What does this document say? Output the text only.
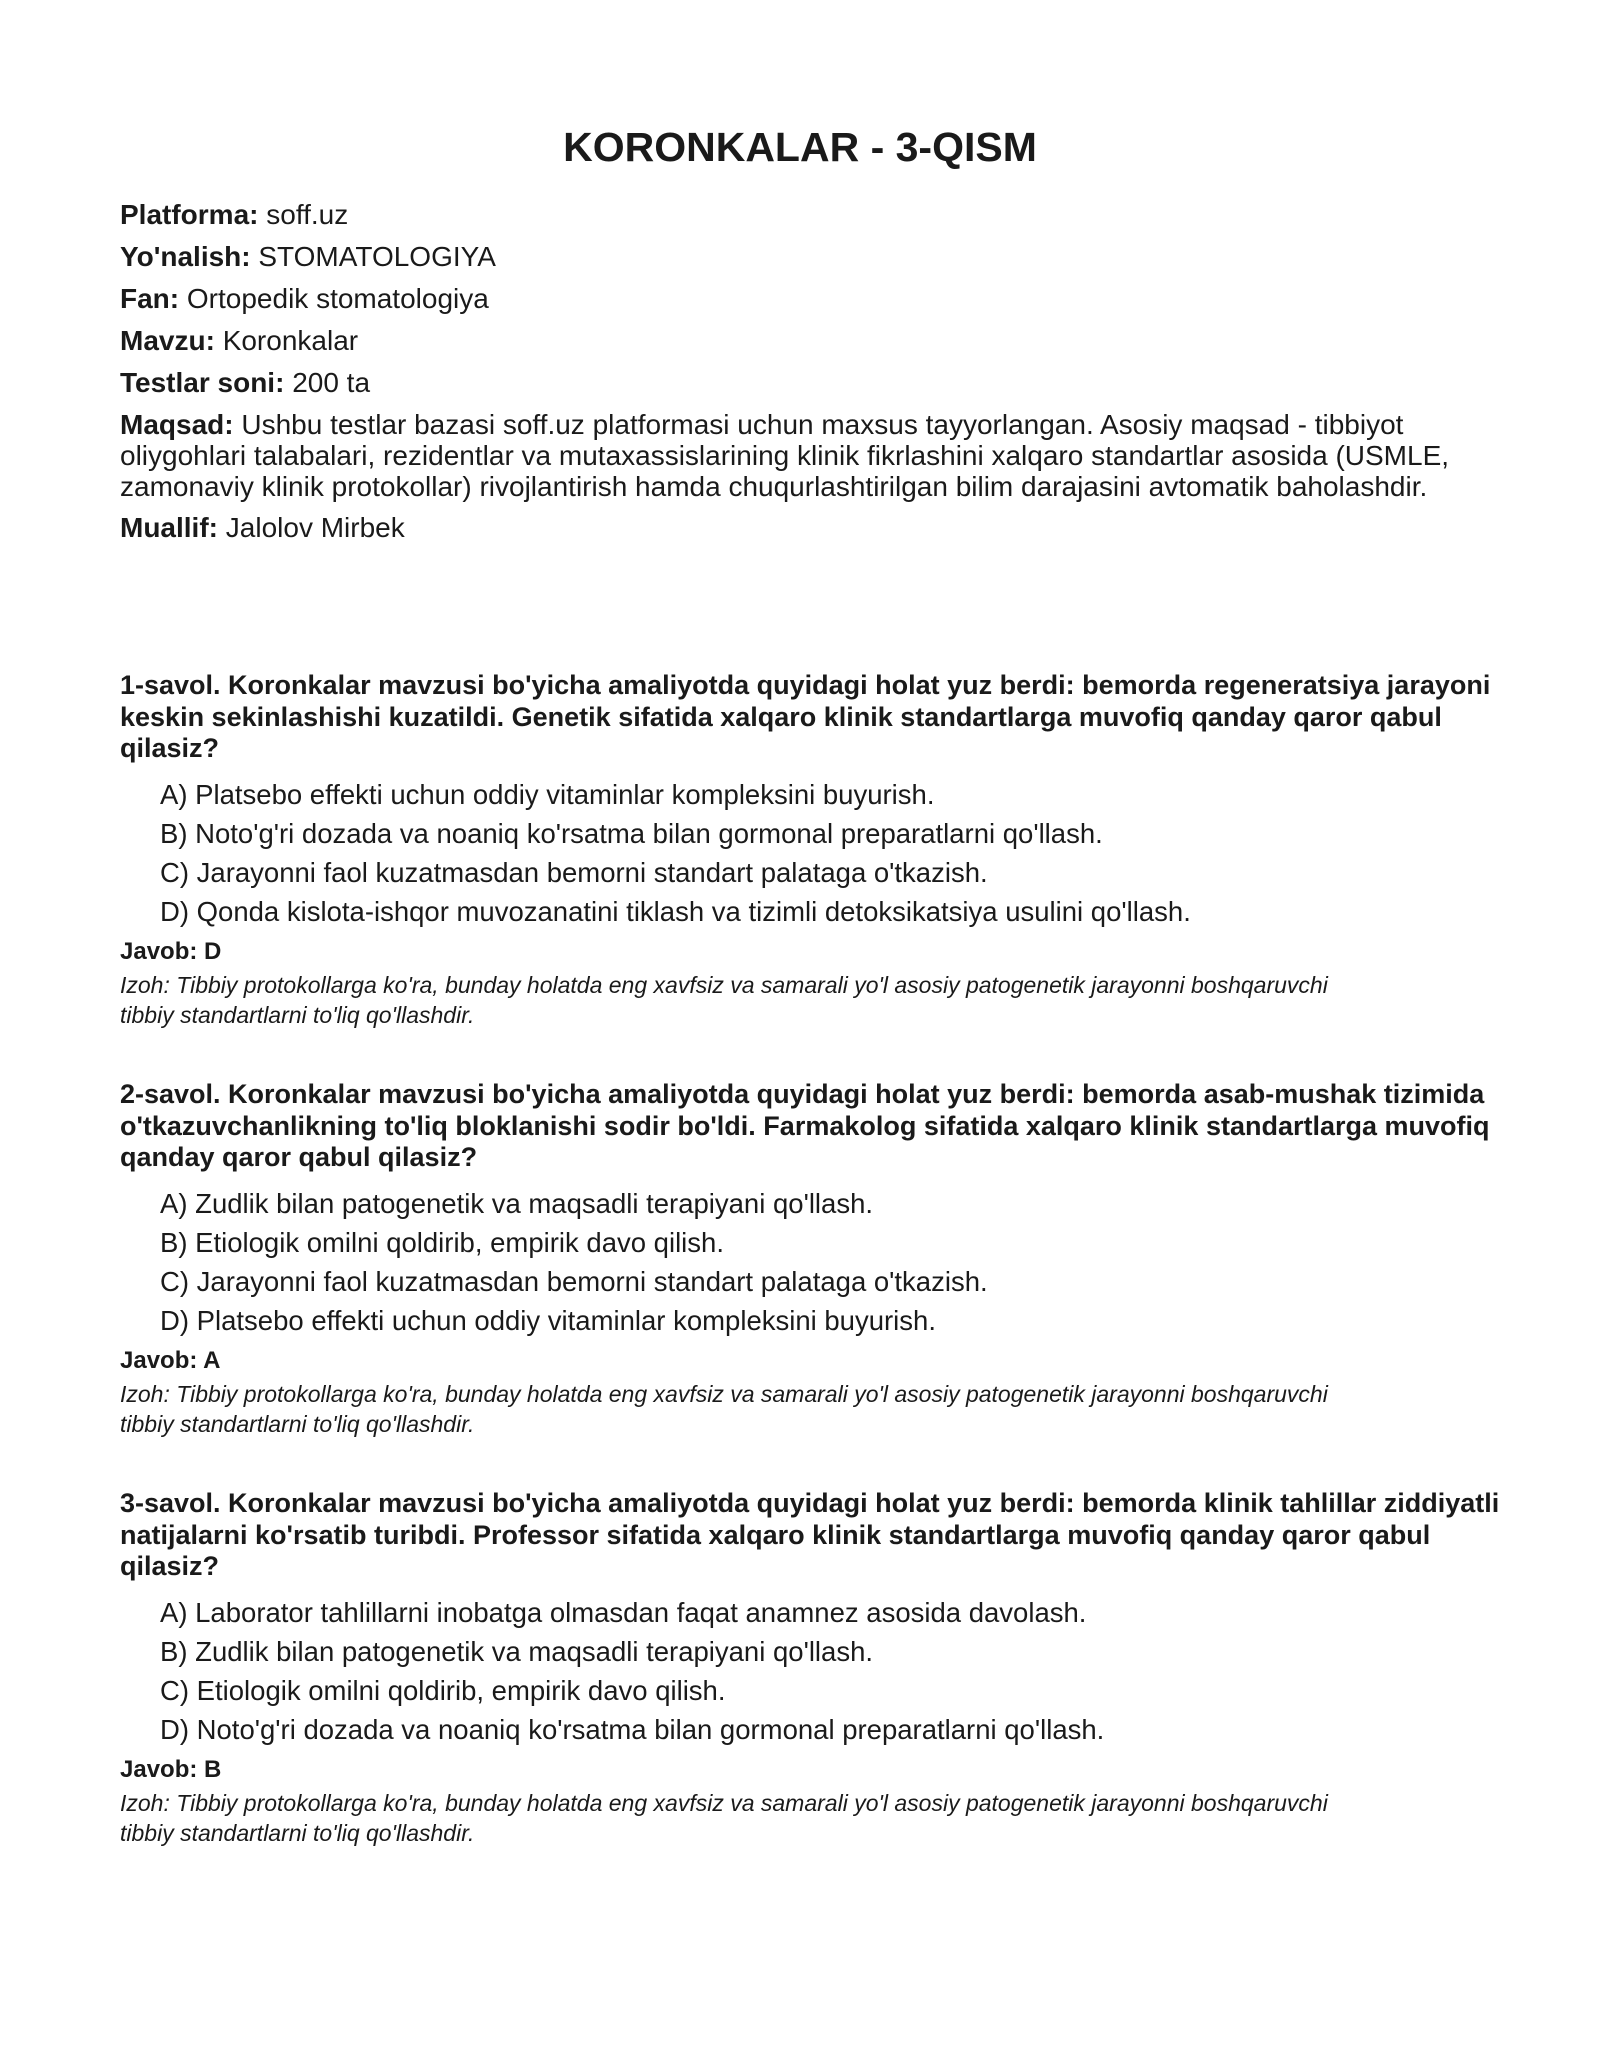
KORONKALAR - 3-QISM
Platforma: soff.uz
Yo'nalish: STOMATOLOGIYA
Fan: Ortopedik stomatologiya
Mavzu: Koronkalar
Testlar soni: 200 ta
Maqsad: Ushbu testlar bazasi soff.uz platformasi uchun maxsus tayyorlangan. Asosiy maqsad - tibbiyot oliygohlari talabalari, rezidentlar va mutaxassislarining klinik fikrlashini xalqaro standartlar asosida (USMLE, zamonaviy klinik protokollar) rivojlantirish hamda chuqurlashtirilgan bilim darajasini avtomatik baholashdir.
Muallif: Jalolov Mirbek

1-savol. Koronkalar mavzusi bo'yicha amaliyotda quyidagi holat yuz berdi: bemorda regeneratsiya jarayoni keskin sekinlashishi kuzatildi. Genetik sifatida xalqaro klinik standartlarga muvofiq qanday qaror qabul qilasiz?

A) Platsebo effekti uchun oddiy vitaminlar kompleksini buyurish.
B) Noto'g'ri dozada va noaniq ko'rsatma bilan gormonal preparatlarni qo'llash.
C) Jarayonni faol kuzatmasdan bemorni standart palataga o'tkazish.
D) Qonda kislota-ishqor muvozanatini tiklash va tizimli detoksikatsiya usulini qo'llash.
Javob: D
Izoh: Tibbiy protokollarga ko'ra, bunday holatda eng xavfsiz va samarali yo'l asosiy patogenetik jarayonni boshqaruvchi tibbiy standartlarni to'liq qo'llashdir.

2-savol. Koronkalar mavzusi bo'yicha amaliyotda quyidagi holat yuz berdi: bemorda asab-mushak tizimida o'tkazuvchanlikning to'liq bloklanishi sodir bo'ldi. Farmakolog sifatida xalqaro klinik standartlarga muvofiq qanday qaror qabul qilasiz?

A) Zudlik bilan patogenetik va maqsadli terapiyani qo'llash.
B) Etiologik omilni qoldirib, empirik davo qilish.
C) Jarayonni faol kuzatmasdan bemorni standart palataga o'tkazish.
D) Platsebo effekti uchun oddiy vitaminlar kompleksini buyurish.
Javob: A
Izoh: Tibbiy protokollarga ko'ra, bunday holatda eng xavfsiz va samarali yo'l asosiy patogenetik jarayonni boshqaruvchi tibbiy standartlarni to'liq qo'llashdir.

3-savol. Koronkalar mavzusi bo'yicha amaliyotda quyidagi holat yuz berdi: bemorda klinik tahlillar ziddiyatli natijalarni ko'rsatib turibdi. Professor sifatida xalqaro klinik standartlarga muvofiq qanday qaror qabul qilasiz?

A) Laborator tahlillarni inobatga olmasdan faqat anamnez asosida davolash.
B) Zudlik bilan patogenetik va maqsadli terapiyani qo'llash.
C) Etiologik omilni qoldirib, empirik davo qilish.
D) Noto'g'ri dozada va noaniq ko'rsatma bilan gormonal preparatlarni qo'llash.
Javob: B
Izoh: Tibbiy protokollarga ko'ra, bunday holatda eng xavfsiz va samarali yo'l asosiy patogenetik jarayonni boshqaruvchi tibbiy standartlarni to'liq qo'llashdir.
